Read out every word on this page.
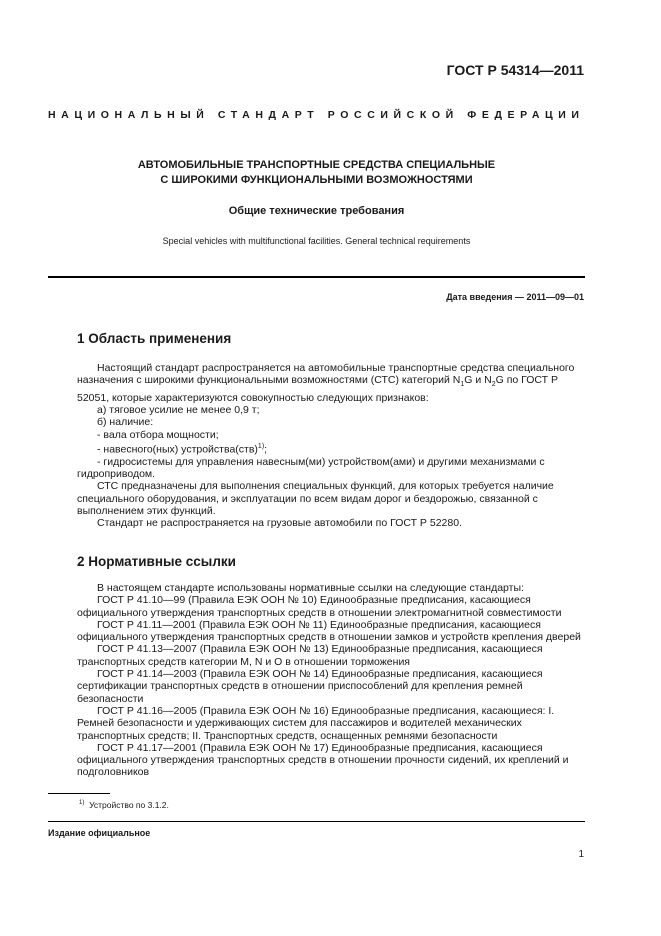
ГОСТ Р 54314—2011
НАЦИОНАЛЬНЫЙ СТАНДАРТ РОССИЙСКОЙ ФЕДЕРАЦИИ
АВТОМОБИЛЬНЫЕ ТРАНСПОРТНЫЕ СРЕДСТВА СПЕЦИАЛЬНЫЕ
С ШИРОКИМИ ФУНКЦИОНАЛЬНЫМИ ВОЗМОЖНОСТЯМИ
Общие технические требования
Special vehicles with multifunctional facilities. General technical requirements
Дата введения — 2011—09—01
1 Область применения

Настоящий стандарт распространяется на автомобильные транспортные средства специального назначения с широкими функциональными возможностями (СТС) категорий $N_1G$ и $N_2G$ по ГОСТ Р 52051, которые характеризуются совокупностью следующих признаков:

а) тяговое усилие не менее 0,9 т;

б) наличие:

- вала отбора мощности;

- навесного(ных) устройства(ств)$^{1)}$;

- гидросистемы для управления навесным(ми) устройством(ами) и другими механизмами с гидроприводом.

СТС предназначены для выполнения специальных функций, для которых требуется наличие специального оборудования, и эксплуатации по всем видам дорог и бездорожью, связанной с выполнением этих функций.

Стандарт не распространяется на грузовые автомобили по ГОСТ Р 52280.

2 Нормативные ссылки

В настоящем стандарте использованы нормативные ссылки на следующие стандарты:

ГОСТ Р 41.10—99 (Правила ЕЭК ООН № 10) Единообразные предписания, касающиеся официального утверждения транспортных средств в отношении электромагнитной совместимости

ГОСТ Р 41.11—2001 (Правила ЕЭК ООН № 11) Единообразные предписания, касающиеся официального утверждения транспортных средств в отношении замков и устройств крепления дверей

ГОСТ Р 41.13—2007 (Правила ЕЭК ООН № 13) Единообразные предписания, касающиеся транспортных средств категории М, N и О в отношении торможения

ГОСТ Р 41.14—2003 (Правила ЕЭК ООН № 14) Единообразные предписания, касающиеся сертификации транспортных средств в отношении приспособлений для крепления ремней безопасности

ГОСТ Р 41.16—2005 (Правила ЕЭК ООН № 16) Единообразные предписания, касающиеся: I. Ремней безопасности и удерживающих систем для пассажиров и водителей механических транспортных средств; II. Транспортных средств, оснащенных ремнями безопасности

ГОСТ Р 41.17—2001 (Правила ЕЭК ООН № 17) Единообразные предписания, касающиеся официального утверждения транспортных средств в отношении прочности сидений, их креплений и подголовников

$^{1)}$ Устройство по 3.1.2.
Издание официальное
1
